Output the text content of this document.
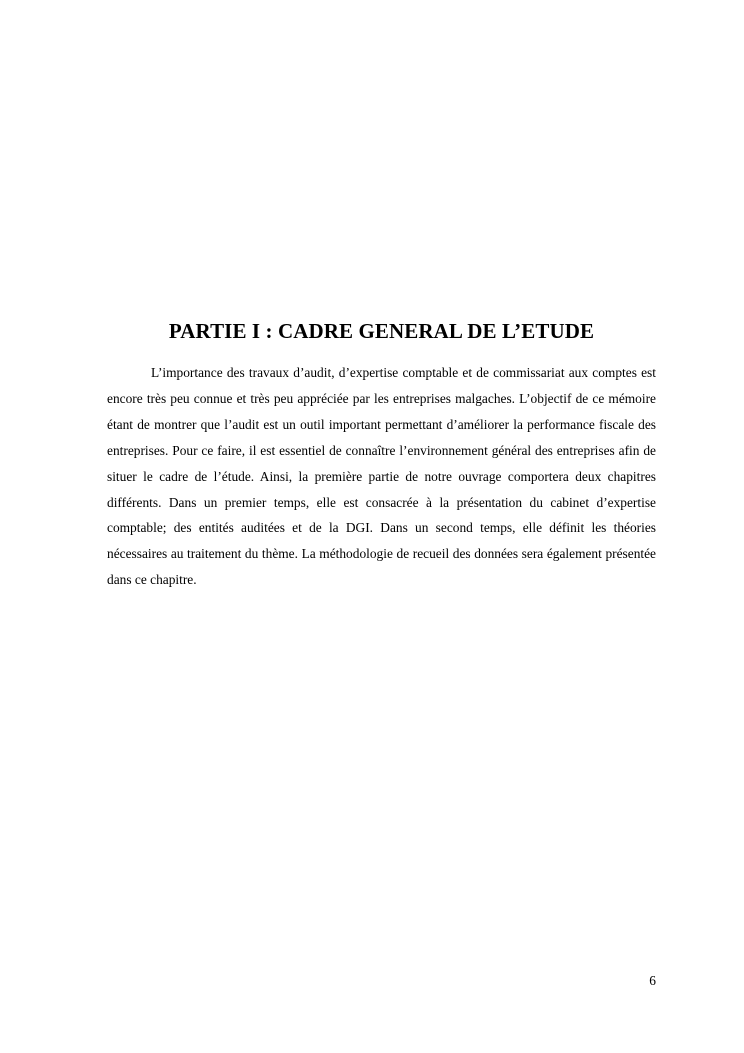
PARTIE I : CADRE GENERAL DE L’ETUDE

L’importance des travaux d’audit, d’expertise comptable et de commissariat aux comptes est encore très peu connue et très peu appréciée par les entreprises malgaches. L’objectif de ce mémoire étant de montrer que l’audit est un outil important permettant d’améliorer la performance fiscale des entreprises. Pour ce faire, il est essentiel de connaître l’environnement général des entreprises afin de situer le cadre de l’étude. Ainsi, la première partie de notre ouvrage comportera deux chapitres différents. Dans un premier temps, elle est consacrée à la présentation du cabinet d’expertise comptable; des entités auditées et de la DGI. Dans un second temps, elle définit les théories nécessaires au traitement du thème. La méthodologie de recueil des données sera également présentée dans ce chapitre.

6
